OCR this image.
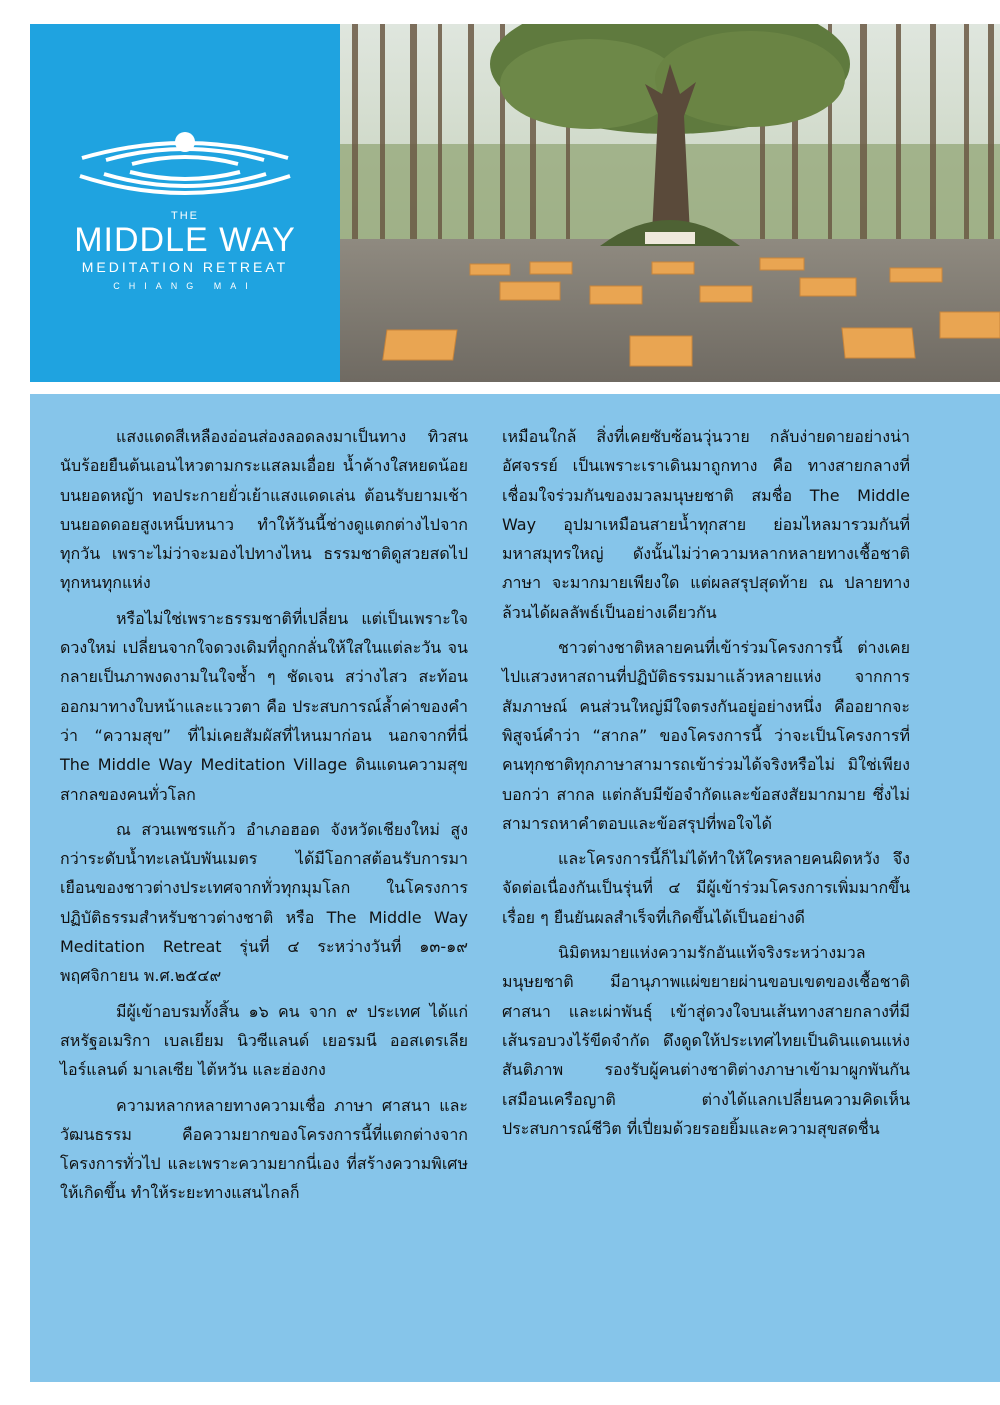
THE
MIDDLE WAY
MEDITATION RETREAT
CHIANG MAI

แสงแดดสีเหลืองอ่อนส่องลอดลงมาเป็นทาง ทิวสนนับร้อยยืนต้นเอนไหวตามกระแสลมเอื่อย น้ำค้างใสหยดน้อยบนยอดหญ้า ทอประกายยั่วเย้าแสงแดดเล่น ต้อนรับยามเช้าบนยอดดอยสูงเหน็บหนาว ทำให้วันนี้ช่างดูแตกต่างไปจากทุกวัน เพราะไม่ว่าจะมองไปทางไหน ธรรมชาติดูสวยสดไปทุกหนทุกแห่ง

หรือไม่ใช่เพราะธรรมชาติที่เปลี่ยน แต่เป็นเพราะใจดวงใหม่ เปลี่ยนจากใจดวงเดิมที่ถูกกลั่นให้ใสในแต่ละวัน จนกลายเป็นภาพงดงามในใจซ้ำ ๆ ชัดเจน สว่างไสว สะท้อนออกมาทางใบหน้าและแววตา คือ ประสบการณ์ล้ำค่าของคำว่า “ความสุข” ที่ไม่เคยสัมผัสที่ไหนมาก่อน นอกจากที่นี่ The Middle Way Meditation Village ดินแดนความสุขสากลของคนทั่วโลก

ณ สวนเพชรแก้ว อำเภอฮอด จังหวัดเชียงใหม่ สูงกว่าระดับน้ำทะเลนับพันเมตร ได้มีโอกาสต้อนรับการมาเยือนของชาวต่างประเทศจากทั่วทุกมุมโลก ในโครงการปฏิบัติธรรมสำหรับชาวต่างชาติ หรือ The Middle Way Meditation Retreat รุ่นที่ ๔ ระหว่างวันที่ ๑๓-๑๙ พฤศจิกายน พ.ศ.๒๕๔๙

มีผู้เข้าอบรมทั้งสิ้น ๑๖ คน จาก ๙ ประเทศ ได้แก่ สหรัฐอเมริกา เบลเยียม นิวซีแลนด์ เยอรมนี ออสเตรเลีย ไอร์แลนด์ มาเลเซีย ไต้หวัน และฮ่องกง

ความหลากหลายทางความเชื่อ ภาษา ศาสนา และวัฒนธรรม คือความยากของโครงการนี้ที่แตกต่างจากโครงการทั่วไป และเพราะความยากนี่เอง ที่สร้างความพิเศษให้เกิดขึ้น ทำให้ระยะทางแสนไกลก็

เหมือนใกล้ สิ่งที่เคยซับซ้อนวุ่นวาย กลับง่ายดายอย่างน่าอัศจรรย์ เป็นเพราะเราเดินมาถูกทาง คือ ทางสายกลางที่เชื่อมใจร่วมกันของมวลมนุษยชาติ สมชื่อ The Middle Way อุปมาเหมือนสายน้ำทุกสาย ย่อมไหลมารวมกันที่มหาสมุทรใหญ่ ดังนั้นไม่ว่าความหลากหลายทางเชื้อชาติ ภาษา จะมากมายเพียงใด แต่ผลสรุปสุดท้าย ณ ปลายทาง ล้วนได้ผลลัพธ์เป็นอย่างเดียวกัน

ชาวต่างชาติหลายคนที่เข้าร่วมโครงการนี้ ต่างเคยไปแสวงหาสถานที่ปฏิบัติธรรมมาแล้วหลายแห่ง จากการสัมภาษณ์ คนส่วนใหญ่มีใจตรงกันอยู่อย่างหนึ่ง คืออยากจะพิสูจน์คำว่า “สากล” ของโครงการนี้ ว่าจะเป็นโครงการที่คนทุกชาติทุกภาษาสามารถเข้าร่วมได้จริงหรือไม่ มิใช่เพียงบอกว่า สากล แต่กลับมีข้อจำกัดและข้อสงสัยมากมาย ซึ่งไม่สามารถหาคำตอบและข้อสรุปที่พอใจได้

และโครงการนี้ก็ไม่ได้ทำให้ใครหลายคนผิดหวัง จึงจัดต่อเนื่องกันเป็นรุ่นที่ ๔ มีผู้เข้าร่วมโครงการเพิ่มมากขึ้นเรื่อย ๆ ยืนยันผลสำเร็จที่เกิดขึ้นได้เป็นอย่างดี

นิมิตหมายแห่งความรักอันแท้จริงระหว่างมวลมนุษยชาติ มีอานุภาพแผ่ขยายผ่านขอบเขตของเชื้อชาติ ศาสนา และเผ่าพันธุ์ เข้าสู่ดวงใจบนเส้นทางสายกลางที่มีเส้นรอบวงไร้ขีดจำกัด ดึงดูดให้ประเทศไทยเป็นดินแดนแห่งสันติภาพ รองรับผู้คนต่างชาติต่างภาษาเข้ามาผูกพันกันเสมือนเครือญาติ ต่างได้แลกเปลี่ยนความคิดเห็น ประสบการณ์ชีวิต ที่เปี่ยมด้วยรอยยิ้มและความสุขสดชื่น
